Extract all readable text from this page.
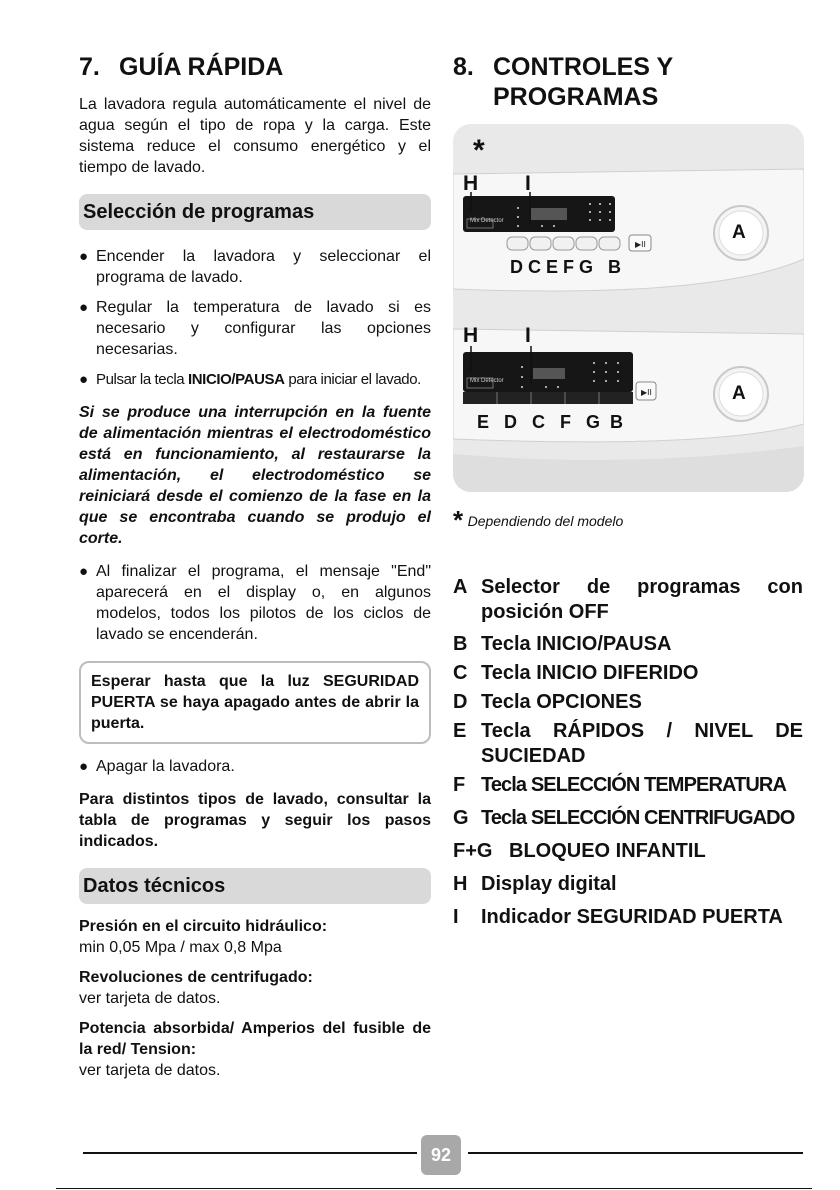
7. GUÍA RÁPIDA

La lavadora regula automáticamente el nivel de agua según el tipo de ropa y la carga. Este sistema reduce el consumo energético y el tiempo de lavado.

Selección de programas
● Encender la lavadora y seleccionar el programa de lavado.
● Regular la temperatura de lavado si es necesario y configurar las opciones necesarias.
● Pulsar la tecla INICIO/PAUSA para iniciar el lavado.

Si se produce una interrupción en la fuente de alimentación mientras el electrodoméstico está en funcionamiento, al restaurarse la alimentación, el electrodoméstico se reiniciará desde el comienzo de la fase en la que se encontraba cuando se produjo el corte.

● Al finalizar el programa, el mensaje "End" aparecerá en el display o, en algunos modelos, todos los pilotos de los ciclos de lavado se encenderán.
Esperar hasta que la luz SEGURIDAD PUERTA se haya apagado antes de abrir la puerta.
● Apagar la lavadora.

Para distintos tipos de lavado, consultar la tabla de programas y seguir los pasos indicados.

Datos técnicos

Presión en el circuito hidráulico:

min 0,05 Mpa / max 0,8 Mpa

Revoluciones de centrifugado:

ver tarjeta de datos.

Potencia absorbida/ Amperios del fusible de la red/ Tension:

ver tarjeta de datos.

8. CONTROLES Y
PROGRAMAS
▶II
▶II
*
H I
Mix Detector
A
D C E F G   B
H I
Mix Detector
A
E   D   C   F   G  B
* Dependiendo del modelo
A Selector de programas con posición OFF
B Tecla INICIO/PAUSA
C Tecla INICIO DIFERIDO
D Tecla OPCIONES
E Tecla RÁPIDOS / NIVEL DE SUCIEDAD
F Tecla SELECCIÓN TEMPERATURA
G Tecla SELECCIÓN CENTRIFUGADO
F+G BLOQUEO INFANTIL
H Display digital
I	Indicador SEGURIDAD PUERTA
92
